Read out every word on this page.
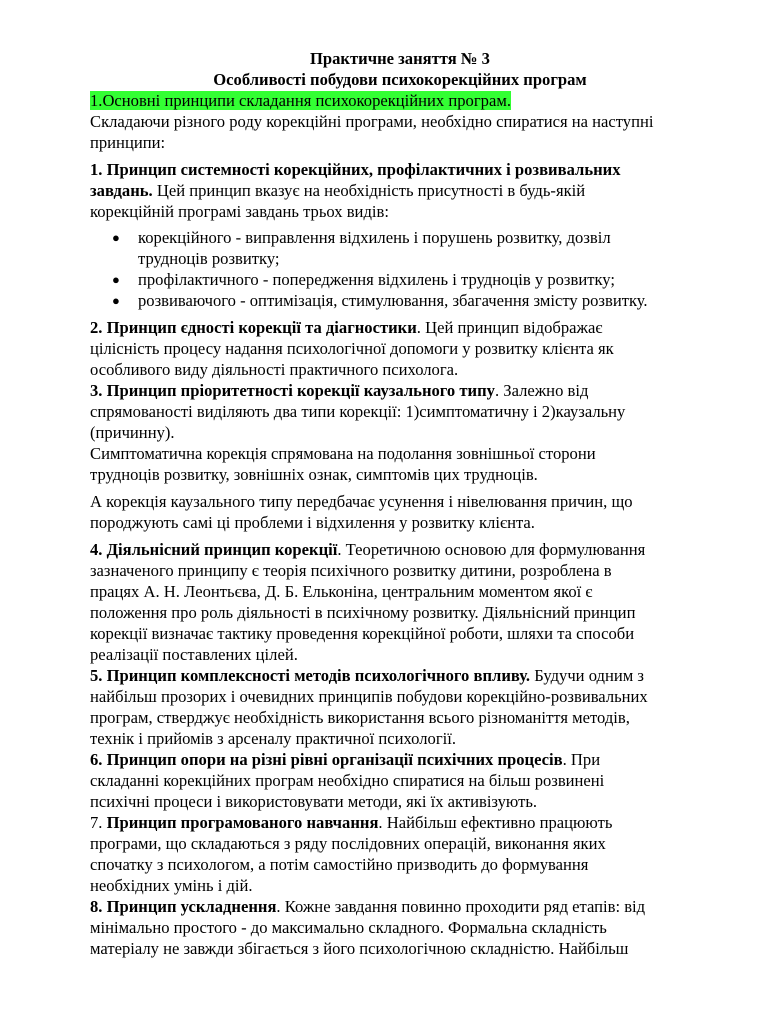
Практичне заняття № 3

Особливості побудови психокорекційних програм

1.Основні принципи складання психокорекційних програм.

Складаючи різного роду корекційні програми, необхідно спиратися на наступні

принципи:

1. Принцип системності корекційних, профілактичних і розвивальних

завдань. Цей принцип вказує на необхідність присутності в будь-якій

корекційній програмі завдань трьох видів:

● корекційного - виправлення відхилень і порушень розвитку, дозвіл
трудноців розвитку;
● профілактичного - попередження відхилень і трудноців у розвитку;
● розвиваючого - оптимізація, стимулювання, збагачення змісту розвитку.

2. Принцип єдності корекції та діагностики. Цей принцип відображає

цілісність процесу надання психологічної допомоги у розвитку клієнта як

особливого виду діяльності практичного психолога.

3. Принцип пріоритетності корекції каузального типу. Залежно від

спрямованості виділяють два типи корекції: 1)симптоматичну і 2)каузальну

(причинну).

Симптоматична корекція спрямована на подолання зовнішньої сторони

трудноців розвитку, зовнішніх ознак, симптомів цих трудноців.

А корекція каузального типу передбачає усунення і нівелювання причин, що

породжують самі ці проблеми і відхилення у розвитку клієнта.

4. Діяльнісний принцип корекції. Теоретичною основою для формулювання

зазначеного принципу є теорія психічного розвитку дитини, розроблена в

працях А. Н. Леонтьєва, Д. Б. Ельконіна, центральним моментом якої є

положення про роль діяльності в психічному розвитку. Діяльнісний принцип

корекції визначає тактику проведення корекційної роботи, шляхи та способи

реалізації поставлених цілей.

5. Принцип комплексності методів психологічного впливу. Будучи одним з

найбільш прозорих і очевидних принципів побудови корекційно-розвивальних

програм, стверджує необхідність використання всього різноманіття методів,

технік і прийомів з арсеналу практичної психології.

6. Принцип опори на різні рівні організації психічних процесів. При

складанні корекційних програм необхідно спиратися на більш розвинені

психічні процеси і використовувати методи, які їх активізують.

7. Принцип програмованого навчання. Найбільш ефективно працюють

програми, що складаються з ряду послідовних операцій, виконання яких

спочатку з психологом, а потім самостійно призводить до формування

необхідних умінь і дій.

8. Принцип ускладнення. Кожне завдання повинно проходити ряд етапів: від

мінімально простого - до максимально складного. Формальна складність

матеріалу не завжди збігається з його психологічною складністю. Найбільш
